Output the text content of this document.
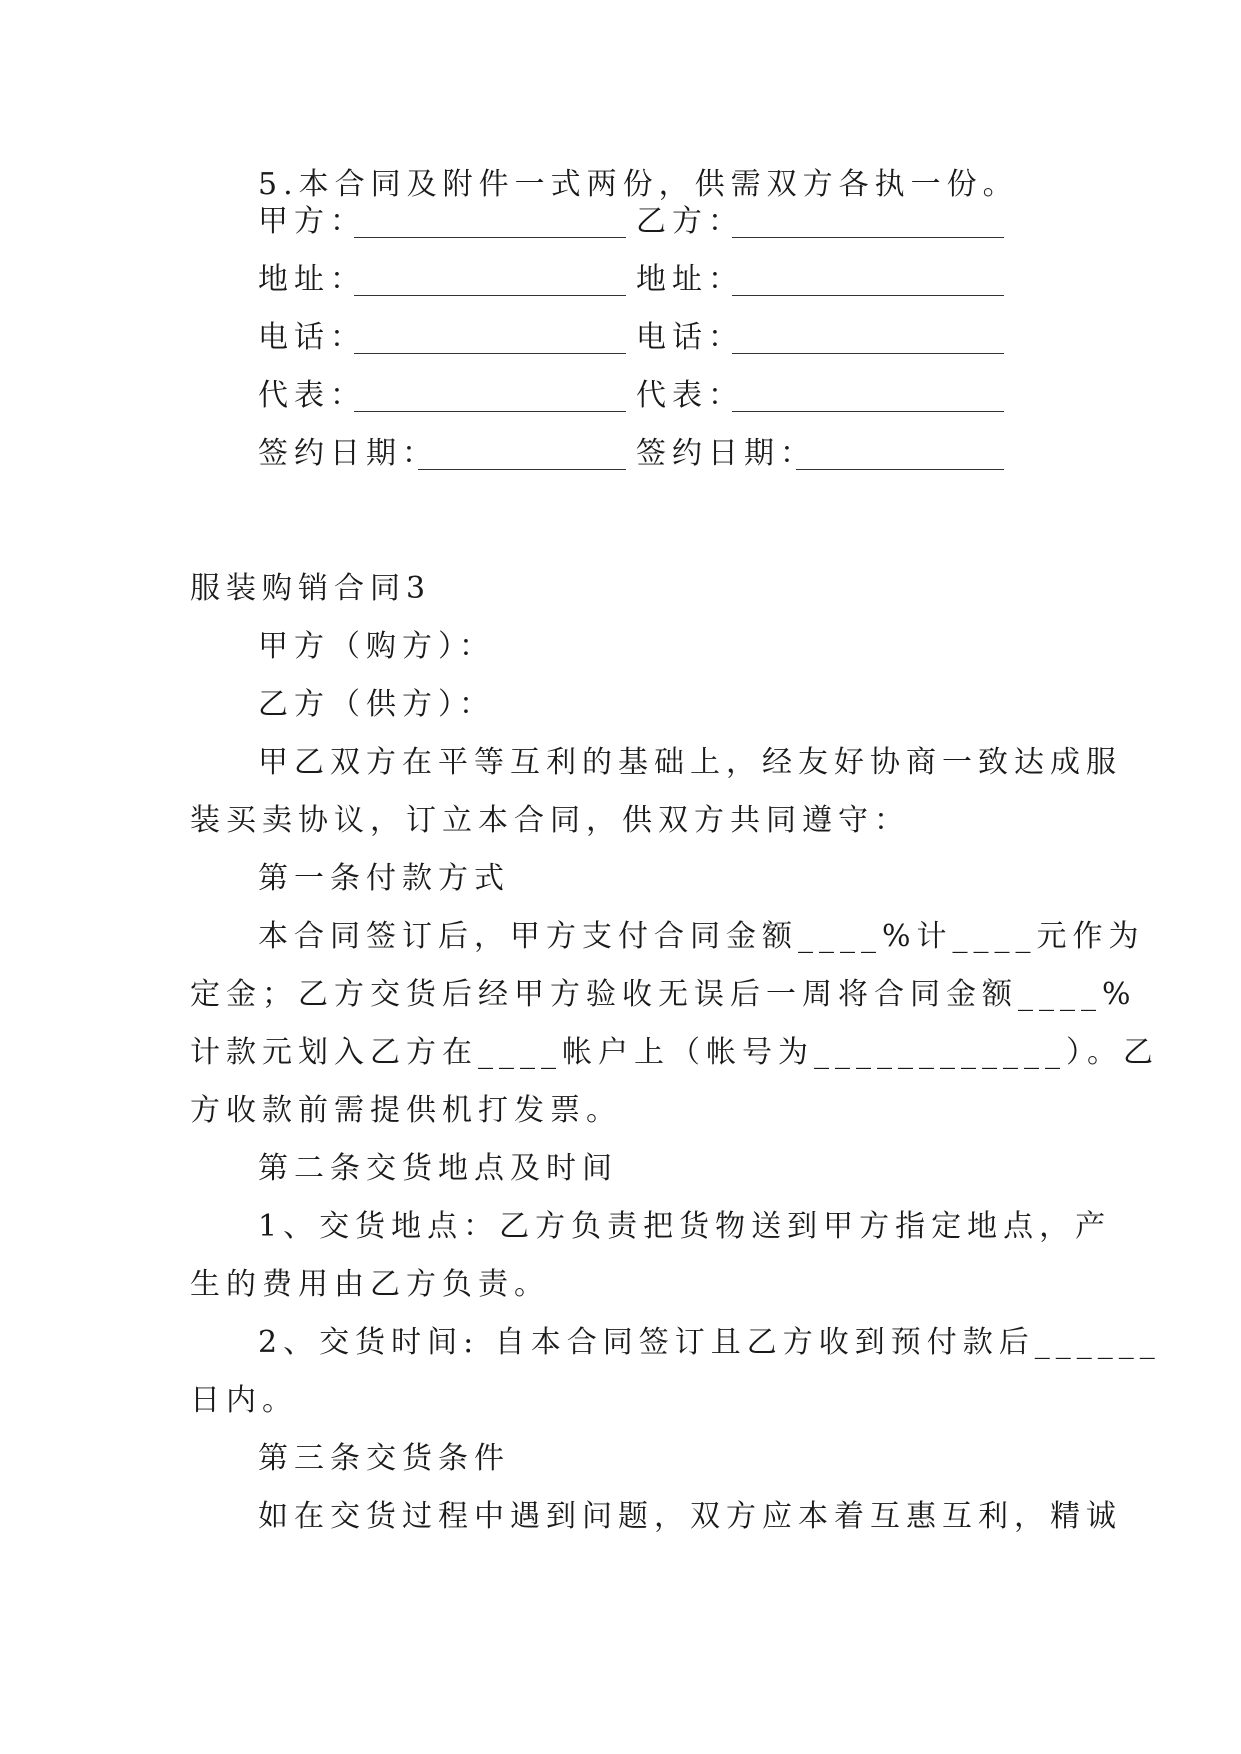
5.本合同及附件一式两份，供需双方各执一份。

甲方：	乙方：
地址：	地址：
电话：	电话：
代表：	代表：
签约日期：	签约日期：

服装购销合同3

甲方（购方）：

乙方（供方）：

甲乙双方在平等互利的基础上，经友好协商一致达成服

装买卖协议，订立本合同，供双方共同遵守：

第一条付款方式

本合同签订后，甲方支付合同金额____%计____元作为

定金；乙方交货后经甲方验收无误后一周将合同金额____%

计款元划入乙方在____帐户上（帐号为____________）。乙

方收款前需提供机打发票。

第二条交货地点及时间

1、交货地点：乙方负责把货物送到甲方指定地点，产

生的费用由乙方负责。

2、交货时间: 自本合同签订且乙方收到预付款后______

日内。

第三条交货条件

如在交货过程中遇到问题，双方应本着互惠互利，精诚
